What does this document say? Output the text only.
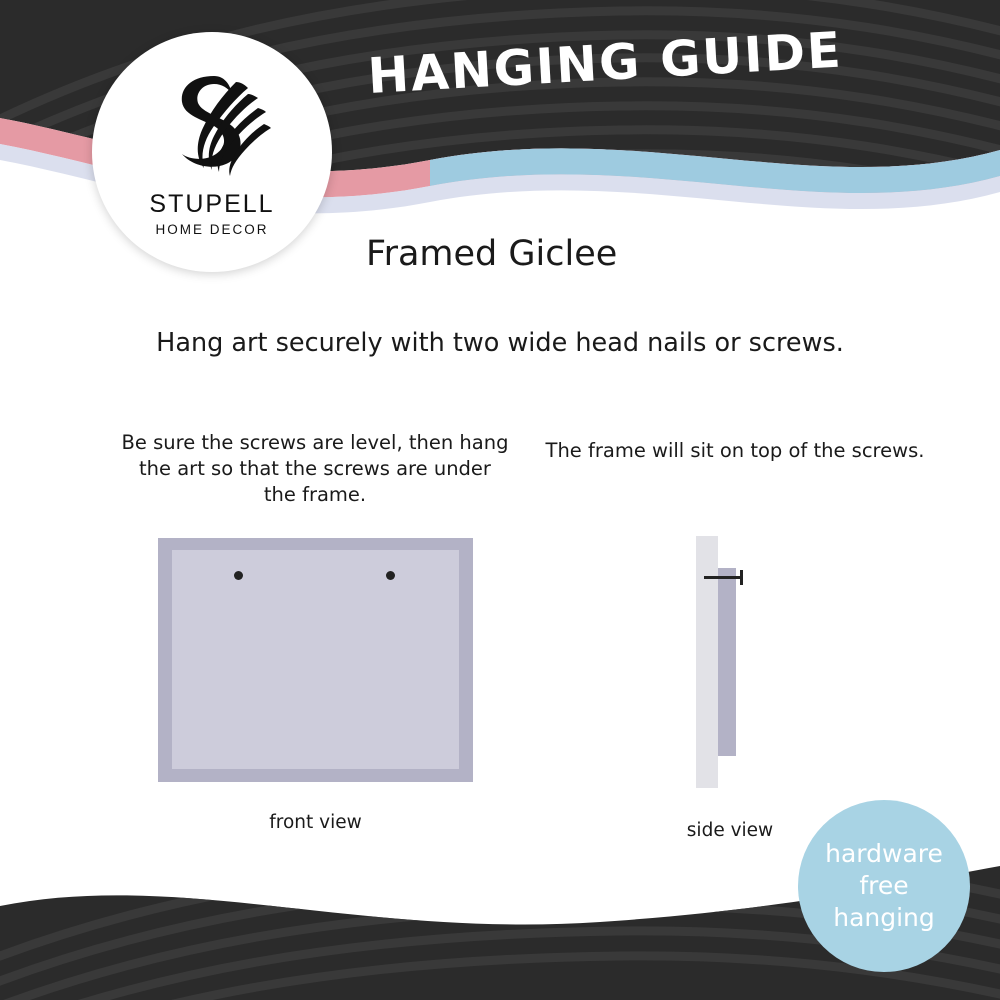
HANGING GUIDE
STUPELL
HOME DECOR
Framed Giclee
Hang art securely with two wide head nails or screws.
Be sure the screws are level, then hang the art so that the screws are under the frame.
front view
The frame will sit on top of the screws.
side view
hardware
free
hanging
